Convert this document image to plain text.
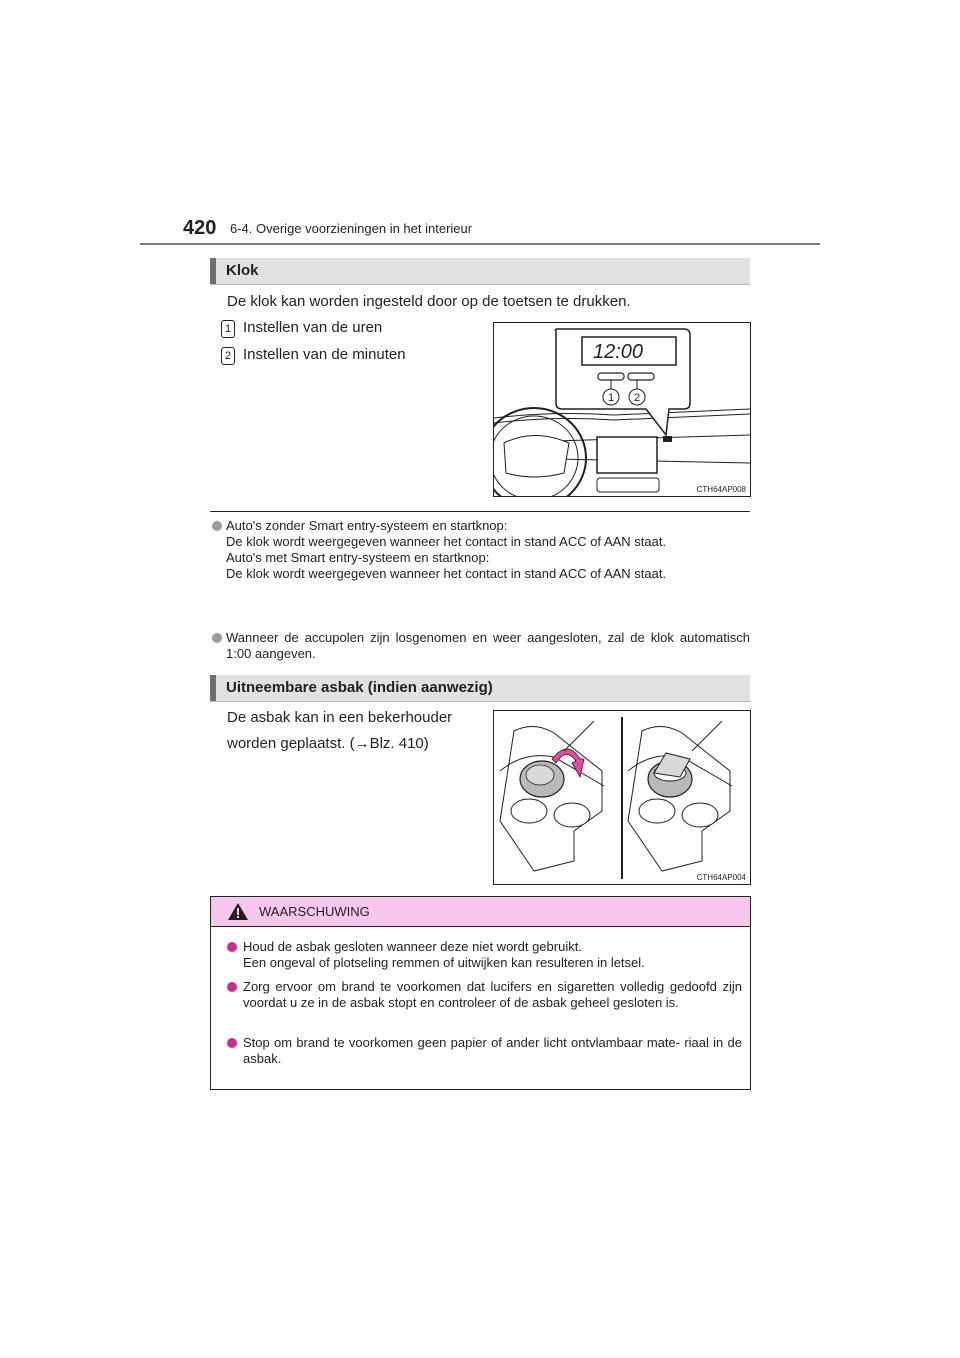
420 6-4. Overige voorzieningen in het interieur
Klok
De klok kan worden ingesteld door op de toetsen te drukken.
1 Instellen van de uren
2 Instellen van de minuten	12:00
1 2
CTH64AP008

Auto's zonder Smart entry-systeem en startknop:

De klok wordt weergegeven wanneer het contact in stand ACC of AAN staat.

Auto's met Smart entry-systeem en startknop:

De klok wordt weergegeven wanneer het contact in stand ACC of AAN staat.

Wanneer de accupolen zijn losgenomen en weer aangesloten, zal de klok automatisch 1:00 aangeven.

Uitneembare asbak (indien aanwezig)
De asbak kan in een bekerhouder
worden geplaatst. (→Blz. 410)
CTH64AP004
WAARSCHUWING
Houd de asbak gesloten wanneer deze niet wordt gebruikt.
Een ongeval of plotseling remmen of uitwijken kan resulteren in letsel.
Zorg ervoor om brand te voorkomen dat lucifers en sigaretten volledig gedoofd zijn voordat u ze in de asbak stopt en controleer of de asbak geheel gesloten is.
Stop om brand te voorkomen geen papier of ander licht ontvlambaar mate- riaal in de asbak.
